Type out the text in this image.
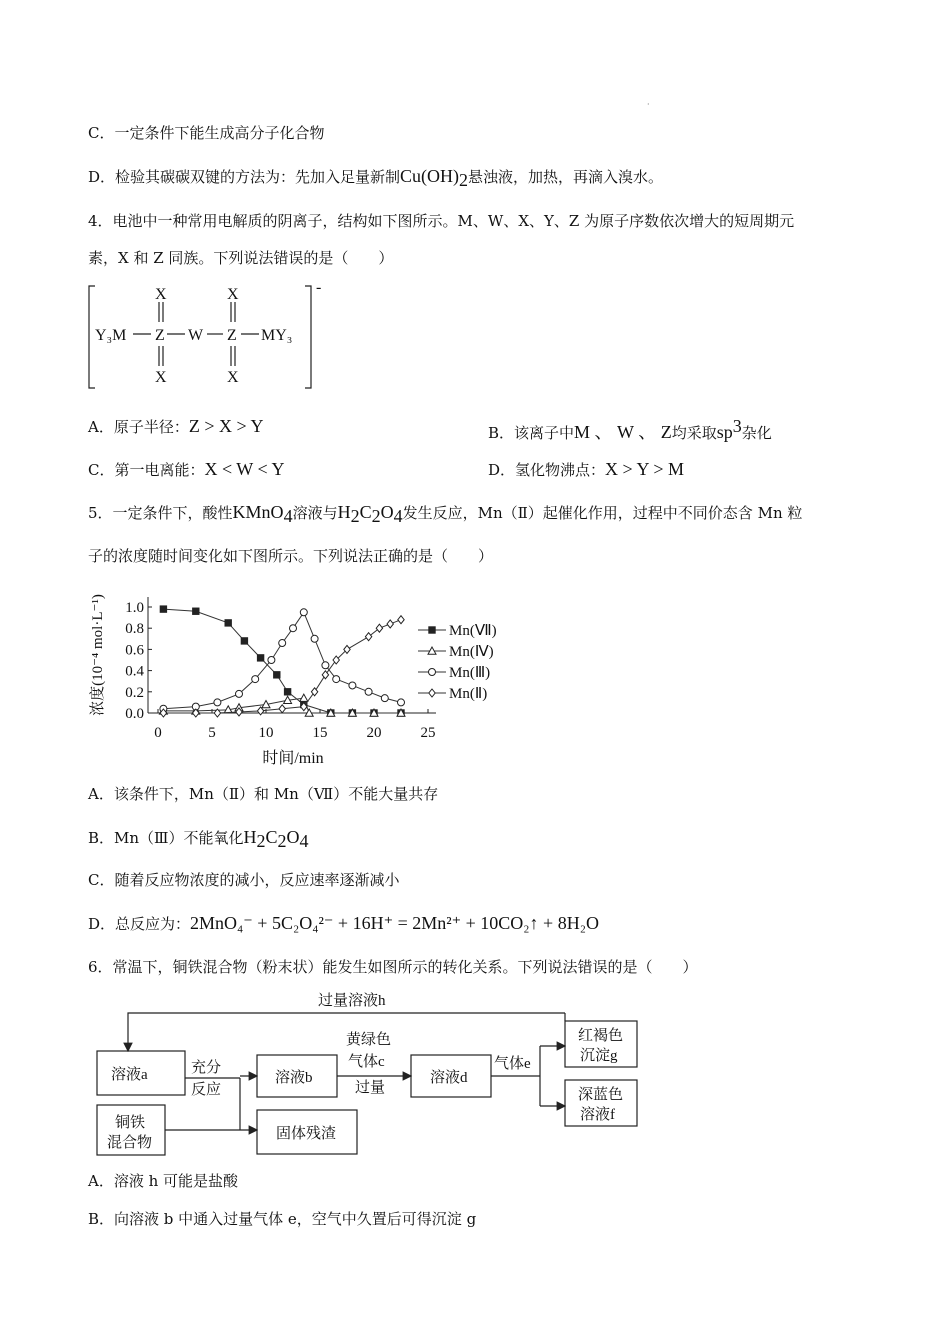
·
C．一定条件下能生成高分子化合物
D．检验其碳碳双键的方法为：先加入足量新制$Cu(OH)_2$悬浊液，加热，再滴入溴水。
4．电池中一种常用电解质的阴离子，结构如下图所示。M、W、X、Y、Z 为原子序数依次增大的短周期元
素，X 和 Z 同族。下列说法错误的是（　　）
-
Y₃M	MY₃
Z	Z
W
X	X
X	X
A．原子半径：Z > X > Y	B．该离子中M 、 W 、 Z均采取$sp^3$杂化
C．第一电离能：X < W < Y	D．氢化物沸点：X > Y > M
5．一定条件下，酸性KMnO$_4$溶液与$H_2C_2O_4$发生反应，Mn（Ⅱ）起催化作用，过程中不同价态含 Mn 粒
子的浓度随时间变化如下图所示。下列说法正确的是（　　）
0	5	10	15	20	25
0.0
0.2
0.4
0.6
0.8
1.0
时间/min
浓度(10⁻⁴ mol·L⁻¹)	Mn(Ⅶ)
Mn(Ⅳ)
Mn(Ⅲ)
Mn(Ⅱ)
A．该条件下，Mn（Ⅱ）和 Mn（Ⅶ）不能大量共存
B．Mn（Ⅲ）不能氧化$H_2C_2O_4$
C．随着反应物浓度的减小，反应速率逐渐减小
D．总反应为：2MnO₄⁻ + 5C₂O₄²⁻ + 16H⁺ = 2Mn²⁺ + 10CO₂↑ + 8H₂O
6．常温下，铜铁混合物（粉末状）能发生如图所示的转化关系。下列说法错误的是（　　）
过量溶液h
溶液a
铜铁
混合物
充分
反应
溶液b
固体残渣
黄绿色
气体c
过量
溶液d
气体e
红褐色
沉淀g
深蓝色
溶液f
A．溶液 h 可能是盐酸
B．向溶液 b 中通入过量气体 e，空气中久置后可得沉淀 g
